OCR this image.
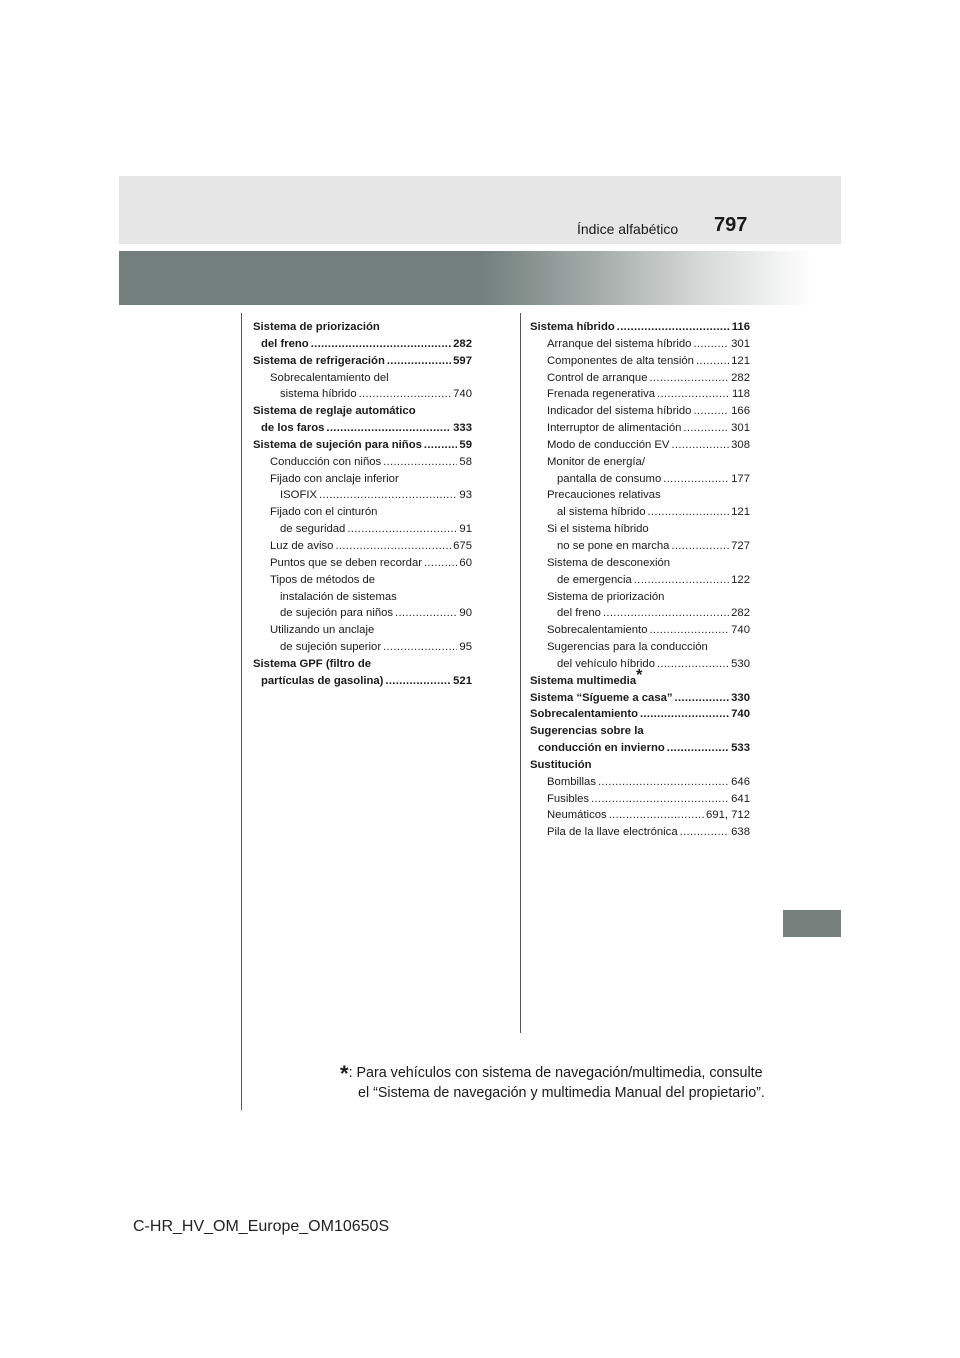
Índice alfabético 797
Sistema de priorización
del freno .....	282
Sistema de refrigeración .....	597
Sobrecalentamiento del
sistema híbrido .....	740
Sistema de reglaje automático
de los faros .....	333
Sistema de sujeción para niños .....	59
Conducción con niños .....	58
Fijado con anclaje inferior
ISOFIX .....	93
Fijado con el cinturón
de seguridad .....	91
Luz de aviso .....	675
Puntos que se deben recordar .....	60
Tipos de métodos de
instalación de sistemas
de sujeción para niños .....	90
Utilizando un anclaje
de sujeción superior .....	95
Sistema GPF (filtro de
partículas de gasolina) .....	521
Sistema híbrido .....	116
Arranque del sistema híbrido .....	301
Componentes de alta tensión .....	121
Control de arranque .....	282
Frenada regenerativa .....	118
Indicador del sistema híbrido .....	166
Interruptor de alimentación .....	301
Modo de conducción EV .....	308
Monitor de energía/
pantalla de consumo .....	177
Precauciones relativas
al sistema híbrido .....	121
Si el sistema híbrido
no se pone en marcha .....	727
Sistema de desconexión
de emergencia .....	122
Sistema de priorización
del freno .....	282
Sobrecalentamiento .....	740
Sugerencias para la conducción
del vehículo híbrido .....	530
Sistema multimedia*
Sistema “Sígueme a casa” .....	330
Sobrecalentamiento .....	740
Sugerencias sobre la
conducción en invierno .....	533
Sustitución
Bombillas .....	646
Fusibles .....	641
Neumáticos .....	691, 712
Pila de la llave electrónica .....	638
*: Para vehículos con sistema de navegación/multimedia, consulte
el “Sistema de navegación y multimedia Manual del propietario”.
C-HR_HV_OM_Europe_OM10650S
